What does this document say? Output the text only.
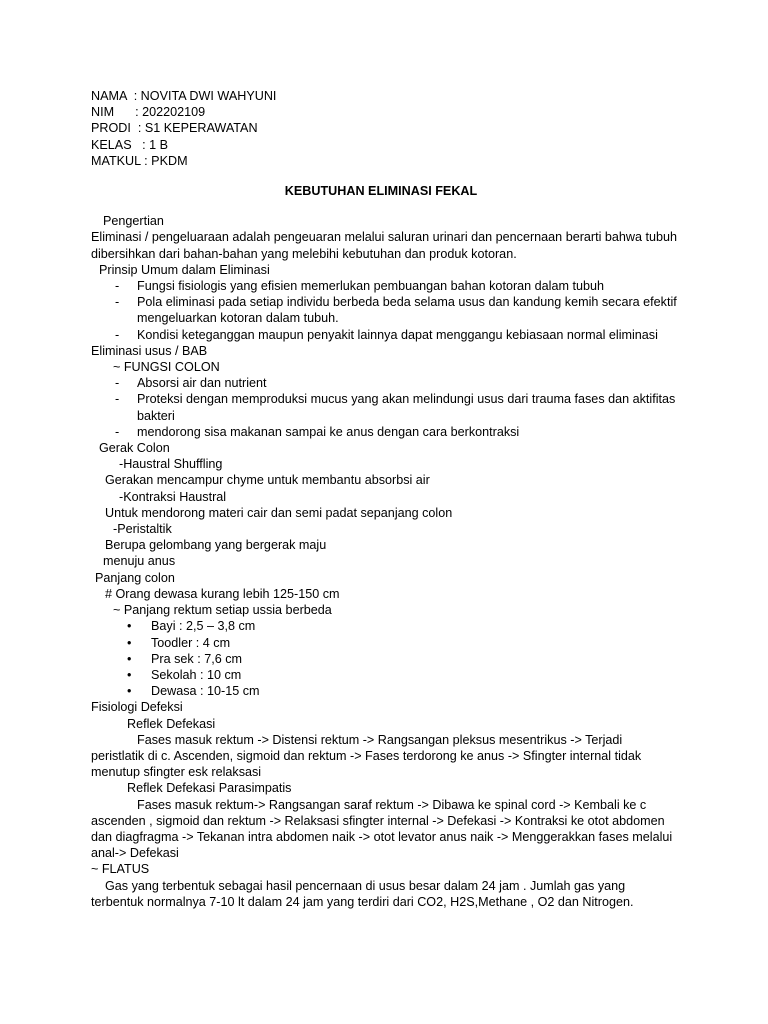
NAMA  : NOVITA DWI WAHYUNI
NIM      : 202202109
PRODI  : S1 KEPERAWATAN
KELAS   : 1 B
MATKUL : PKDM
KEBUTUHAN ELIMINASI FEKAL
Pengertian
Eliminasi / pengeluaraan adalah pengeuaran melalui saluran urinari dan pencernaan berarti bahwa tubuh dibersihkan dari bahan-bahan yang melebihi kebutuhan dan produk kotoran.
Prinsip Umum dalam Eliminasi
-	Fungsi fisiologis yang efisien memerlukan pembuangan bahan kotoran dalam tubuh
-	Pola eliminasi pada setiap individu berbeda beda selama usus dan kandung kemih secara efektif mengeluarkan kotoran dalam tubuh.
-	Kondisi keteganggan maupun penyakit lainnya dapat menggangu kebiasaan normal eliminasi
Eliminasi usus / BAB
~ FUNGSI COLON
-	Absorsi air dan nutrient
-	Proteksi dengan memproduksi mucus yang akan melindungi usus dari trauma fases dan aktifitas bakteri
-	mendorong sisa makanan sampai ke anus dengan cara berkontraksi
Gerak Colon
-Haustral Shuffling
Gerakan mencampur chyme untuk membantu absorbsi air
-Kontraksi Haustral
Untuk mendorong materi cair dan semi padat sepanjang colon
-Peristaltik
Berupa gelombang yang bergerak maju
menuju anus
Panjang colon
# Orang dewasa kurang lebih 125-150 cm
~ Panjang rektum setiap ussia berbeda
•	Bayi : 2,5 – 3,8 cm
•	Toodler : 4 cm
•	Pra sek : 7,6 cm
•	Sekolah : 10 cm
•	Dewasa : 10-15 cm
Fisiologi Defeksi
Reflek Defekasi
Fases masuk rektum -> Distensi rektum -> Rangsangan pleksus mesentrikus -> Terjadi
peristlatik di c. Ascenden, sigmoid dan rektum -> Fases terdorong ke anus -> Sfingter internal tidak menutup sfingter esk relaksasi
Reflek Defekasi Parasimpatis
Fases masuk rektum-> Rangsangan saraf rektum -> Dibawa ke spinal cord -> Kembali ke c
ascenden , sigmoid dan rektum -> Relaksasi sfingter internal -> Defekasi -> Kontraksi ke otot abdomen dan diagfragma -> Tekanan intra abdomen naik -> otot levator anus naik -> Menggerakkan fases melalui anal-> Defekasi
~ FLATUS
Gas yang terbentuk sebagai hasil pencernaan di usus besar dalam 24 jam . Jumlah gas yang
terbentuk normalnya 7-10 lt dalam 24 jam yang terdiri dari CO2, H2S,Methane , O2 dan Nitrogen.
